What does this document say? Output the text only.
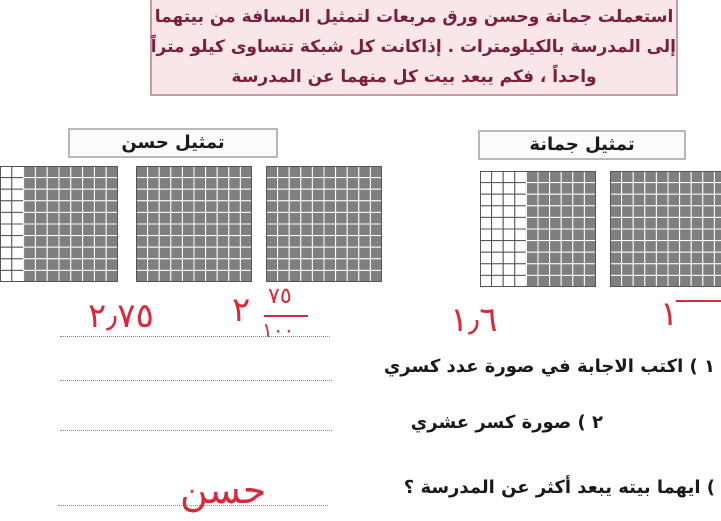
استعملت جمانة وحسن ورق مربعات لتمثيل المسافة من بيتهما
إلى المدرسة بالكيلومترات . إذاكانت كل شبكة تتساوى كيلو متراً
واحداً ، فكم يبعد بيت كل منهما عن المدرسة
تمثيل حسن	تمثيل جمانة
٢٫٧٥ ٢ ٧٥
١٠٠	١٫٦	١
١ ) اكتب الاجابة في صورة عدد كسري
٢ ) صورة كسر عشري
حسن	) ايهما بيته يبعد أكثر عن المدرسة ؟
